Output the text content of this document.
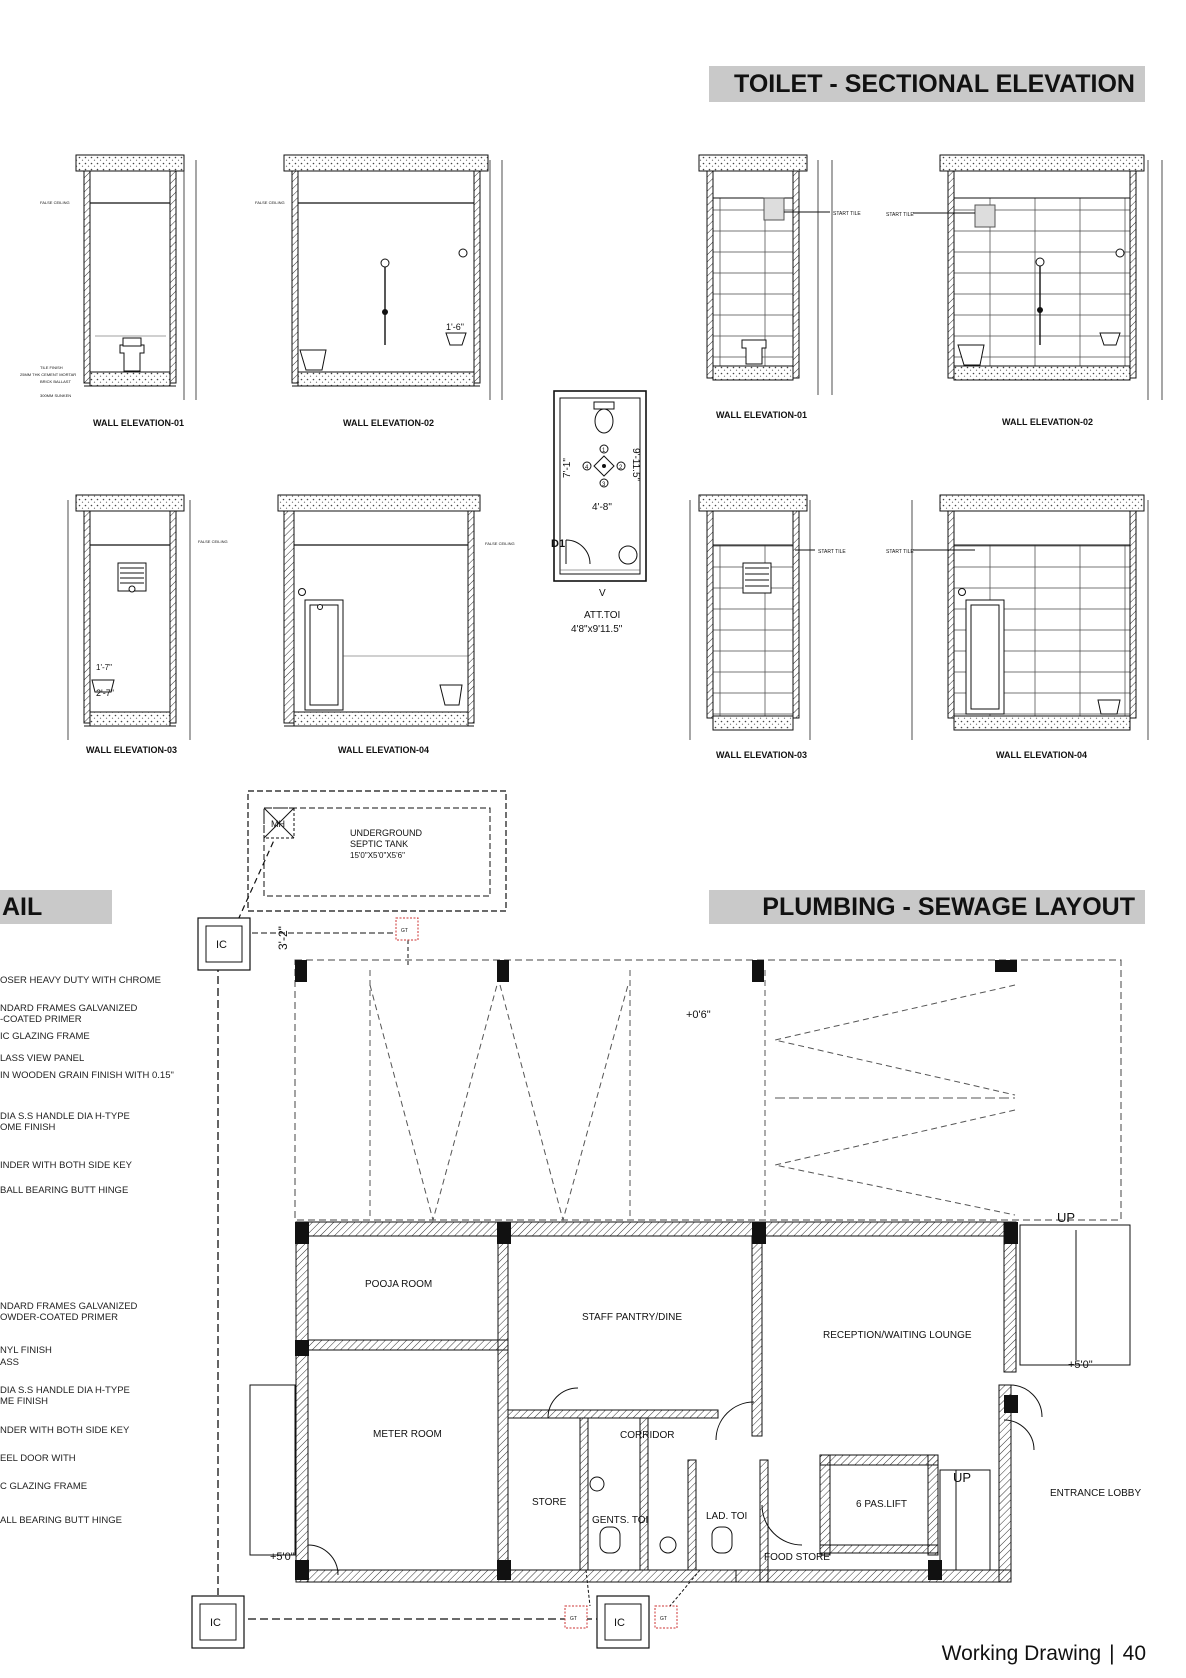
TOILET - SECTIONAL ELEVATION
AIL	PLUMBING - SEWAGE LAYOUT
OSER HEAVY DUTY WITH CHROME
NDARD FRAMES GALVANIZED
-COATED PRIMER
IC GLAZING FRAME
LASS VIEW PANEL
IN WOODEN GRAIN FINISH WITH 0.15"
DIA S.S HANDLE DIA H-TYPE
OME FINISH
INDER WITH BOTH SIDE KEY
BALL BEARING BUTT HINGE
NDARD FRAMES GALVANIZED
OWDER-COATED PRIMER
NYL FINISH
ASS
DIA S.S HANDLE DIA H-TYPE
ME FINISH
NDER WITH BOTH SIDE KEY
EEL DOOR WITH
C GLAZING FRAME
ALL BEARING BUTT HINGE
WALL ELEVATION-01
FALSE CEILING
TILE FINISH
25MM THK CEMENT MORTAR
BRICK BALLAST
300MM SUNKEN
1'-6"
WALL ELEVATION-02
FALSE CEILING
2'-7"
1'-7"
WALL ELEVATION-03
FALSE CEILING
WALL ELEVATION-04
FALSE CEILING
1
2
3
4
7'-1"	9'-11.5"
4'-8"
D1
V
ATT.TOI
4'8"x9'11.5"
START TILE
WALL ELEVATION-01
START TILE
WALL ELEVATION-02
START TILE
WALL ELEVATION-03
START TILE
WALL ELEVATION-04
MH
UNDERGROUND
SEPTIC TANK
15'0"X5'0"X5'6"
IC
IC	IC
GT
GT	GT
3'-2"
POOJA ROOM
STAFF PANTRY/DINE
RECEPTION/WAITING LOUNGE
METER ROOM	CORRIDOR
STORE
GENTS. TOI	LAD. TOI
6 PAS.LIFT
FOOD STORE
ENTRANCE LOBBY
+0'6"
+5'0"
+5'0"
UP
UP
Working Drawing | 40
